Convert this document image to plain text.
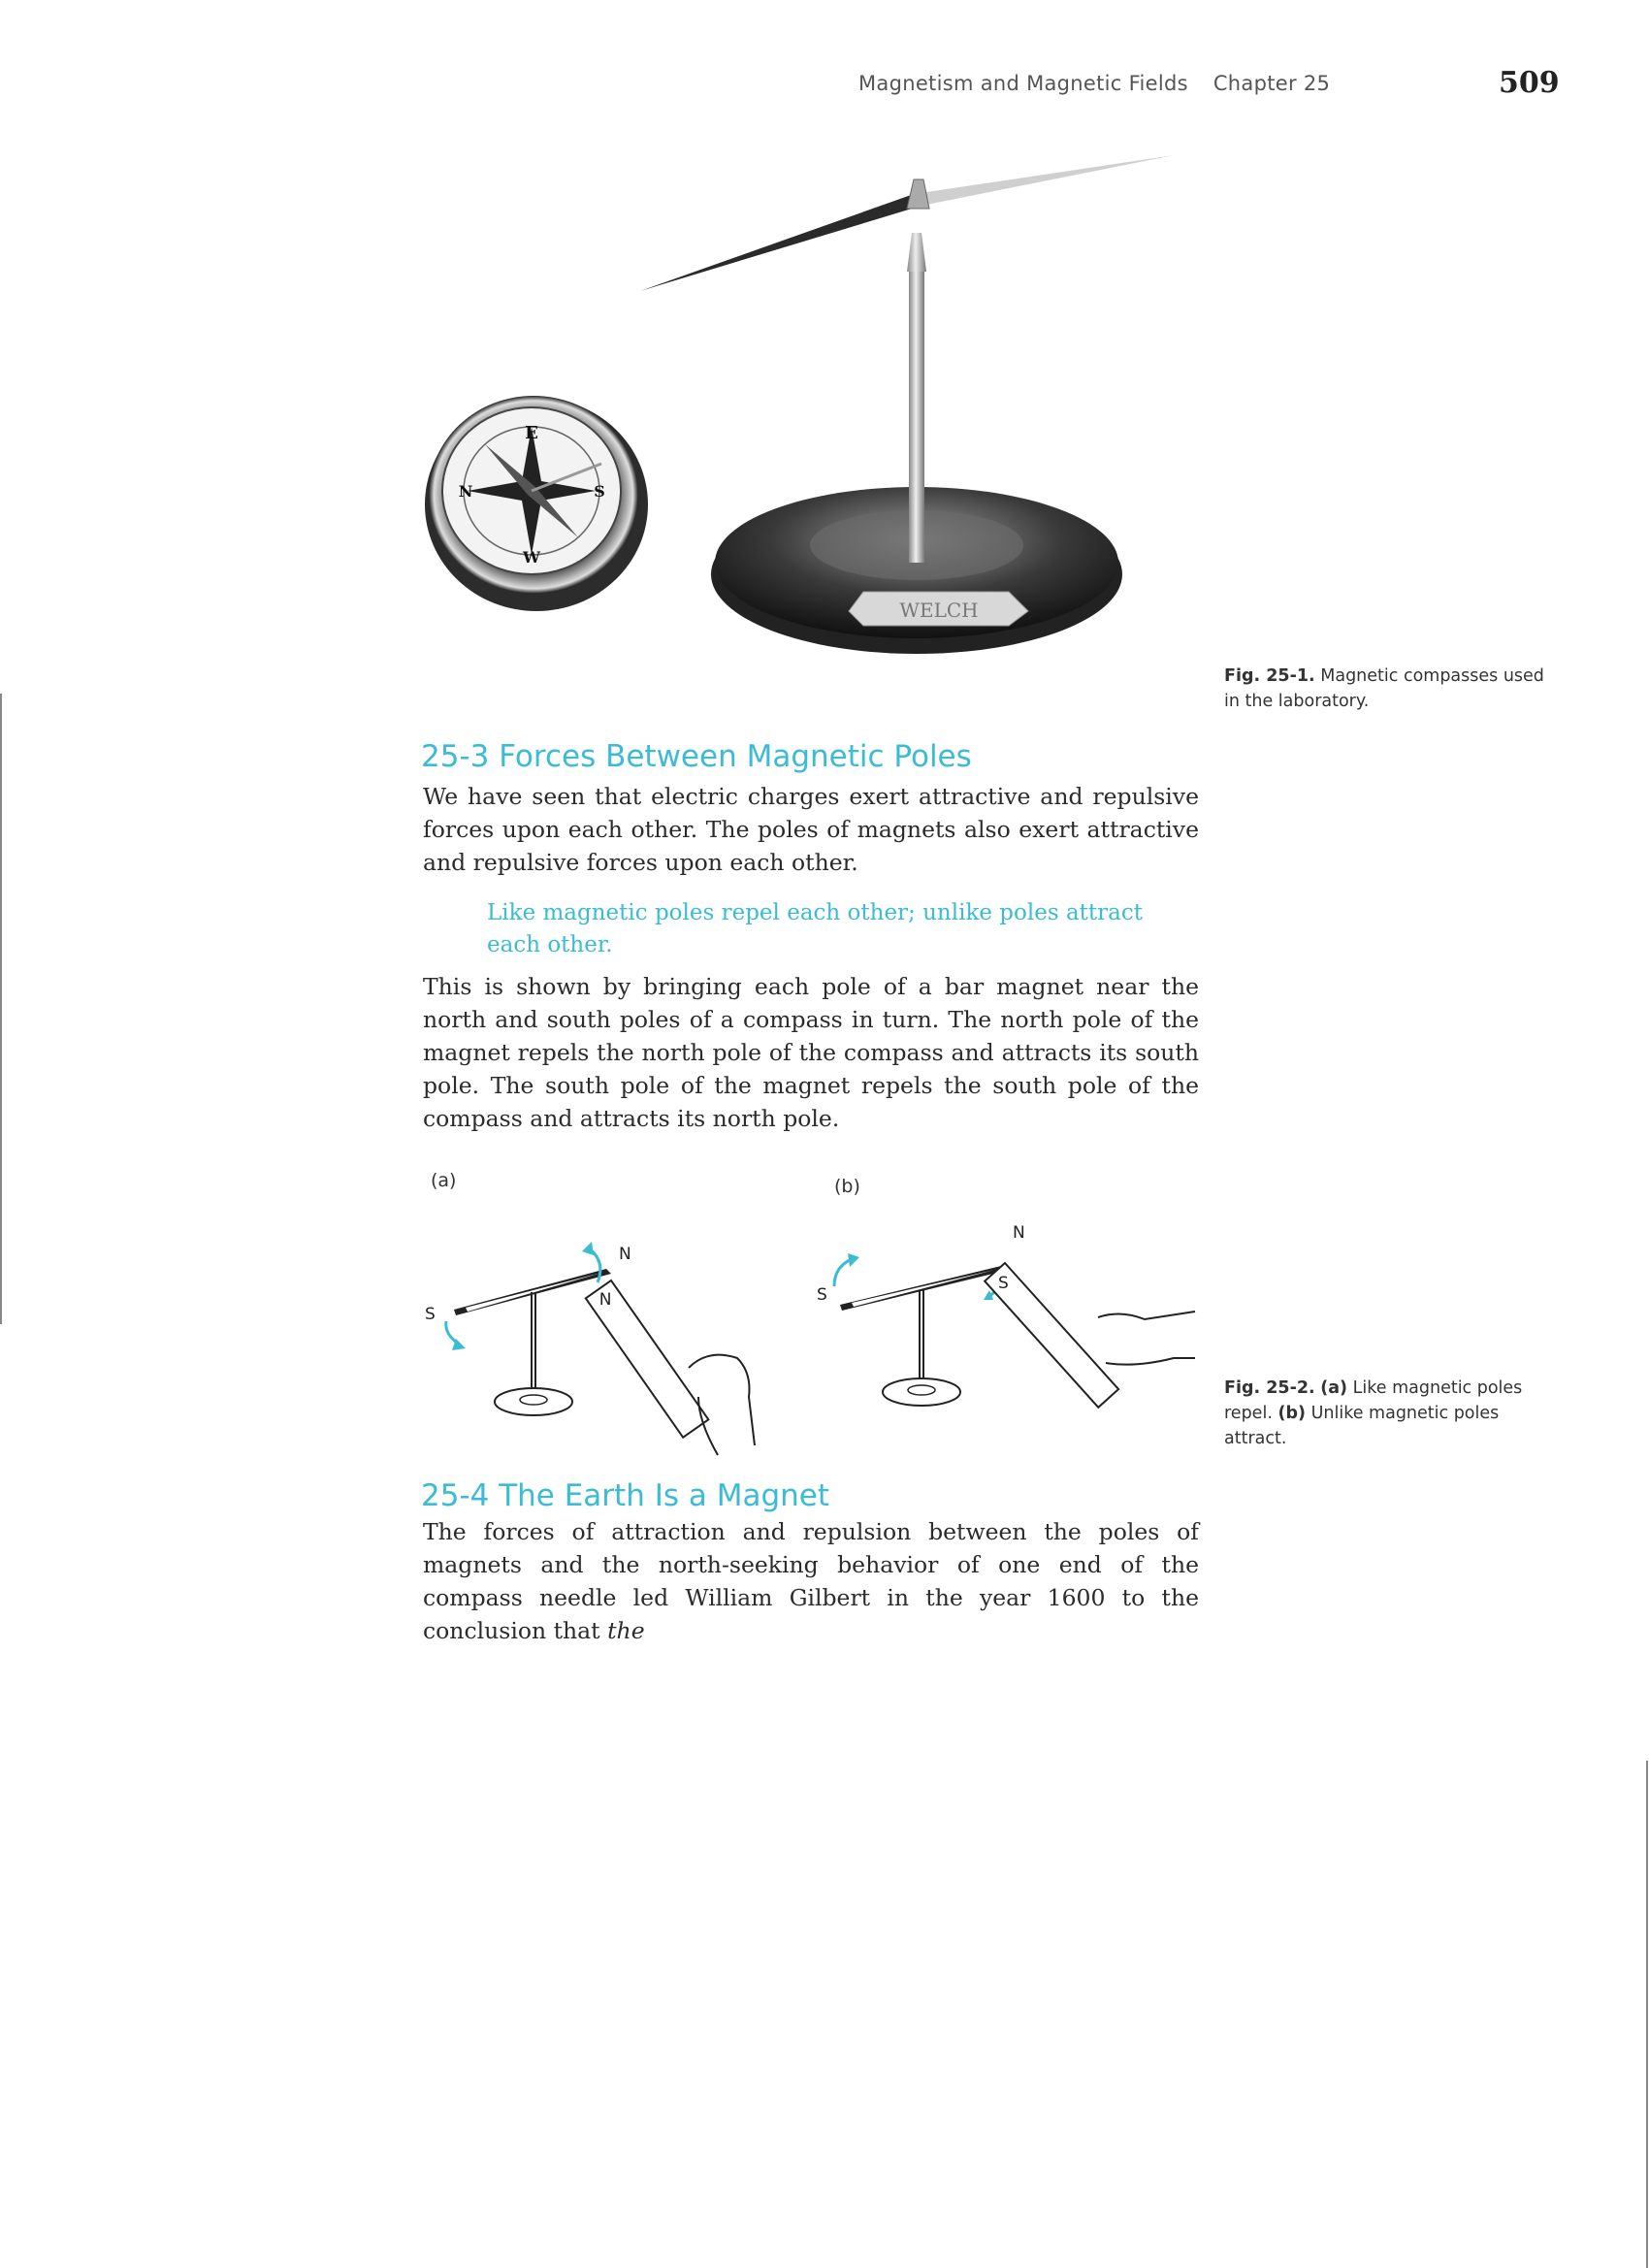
Magnetism and Magnetic Fields Chapter 25	509
WELCH
E
W
N	S
Fig. 25-1. Magnetic compasses used in the laboratory.
25-3 Forces Between Magnetic Poles

We have seen that electric charges exert attractive and repulsive forces upon each other. The poles of magnets also exert attractive and repulsive forces upon each other.

Like magnetic poles repel each other; unlike poles attract each other.

This is shown by bringing each pole of a bar magnet near the north and south poles of a compass in turn. The north pole of the magnet repels the north pole of the compass and attracts its south pole. The south pole of the magnet repels the south pole of the compass and attracts its north pole.

(a)	(b)
S
N
N	S
N
S
Fig. 25-2. (a) Like magnetic poles repel. (b) Unlike magnetic poles attract.
25-4 The Earth Is a Magnet

The forces of attraction and repulsion between the poles of magnets and the north-seeking behavior of one end of the compass needle led William Gilbert in the year 1600 to the conclusion that the
